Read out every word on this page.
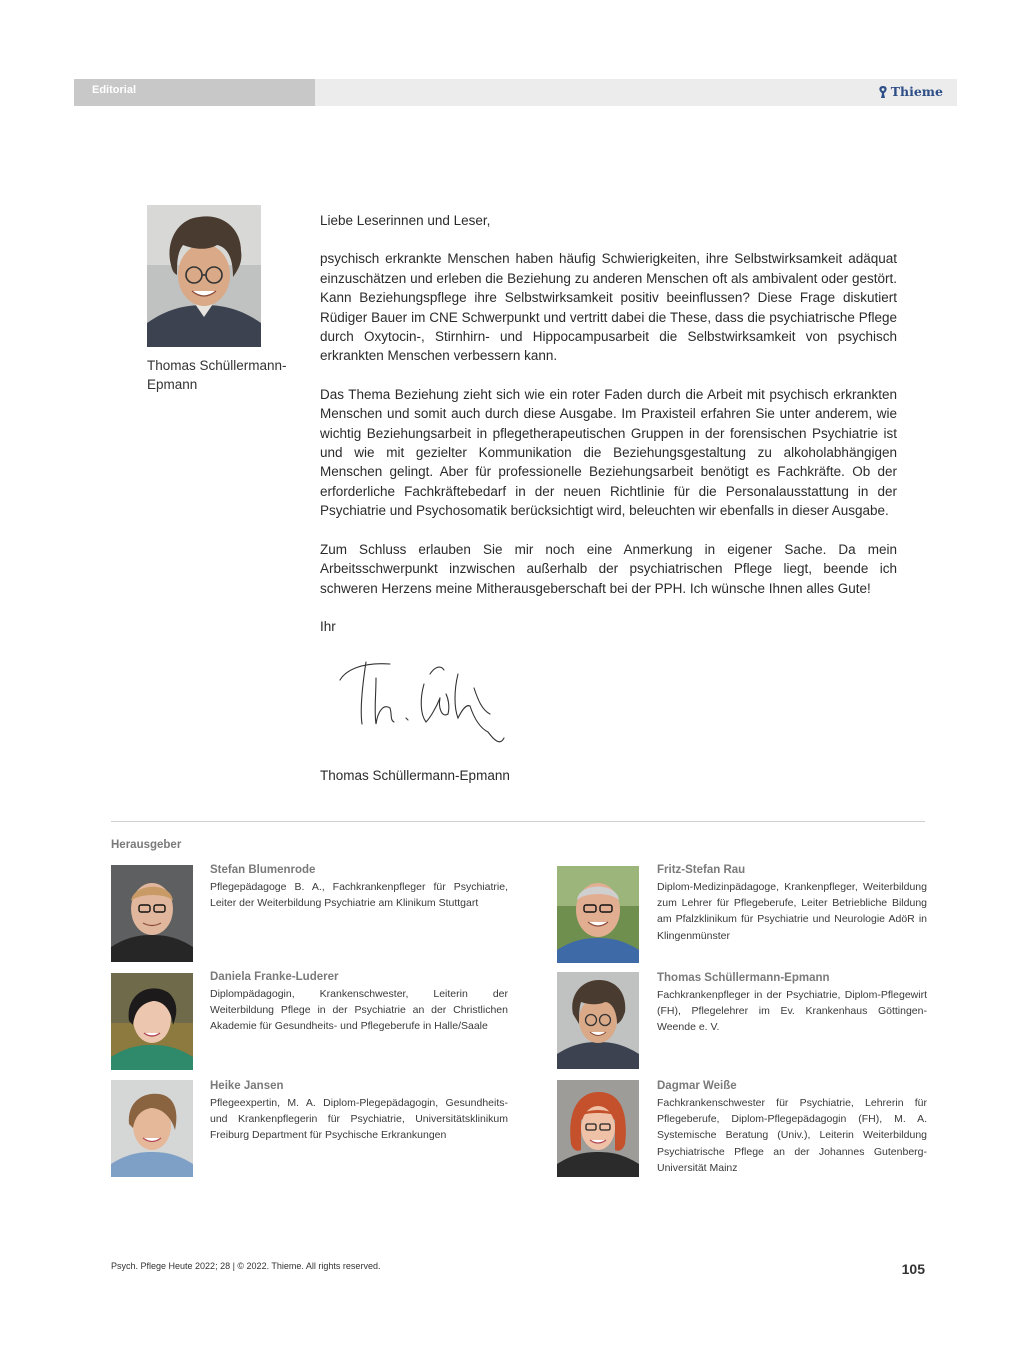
Editorial	Thieme
Thomas Schüllermann-
Epmann

Liebe Leserinnen und Leser,

psychisch erkrankte Menschen haben häufig Schwierigkeiten, ihre Selbstwirksamkeit adäquat einzuschätzen und erleben die Beziehung zu anderen Menschen oft als ambivalent oder gestört. Kann Beziehungspflege ihre Selbstwirksamkeit positiv beeinflussen? Diese Frage diskutiert Rüdiger Bauer im CNE Schwerpunkt und vertritt dabei die These, dass die psychiatrische Pflege durch Oxytocin-, Stirnhirn- und Hippocampusarbeit die Selbstwirksamkeit von psychisch erkrankten Menschen verbessern kann.

Das Thema Beziehung zieht sich wie ein roter Faden durch die Arbeit mit psychisch erkrankten Menschen und somit auch durch diese Ausgabe. Im Praxisteil erfahren Sie unter anderem, wie wichtig Beziehungsarbeit in pflegetherapeutischen Gruppen in der forensischen Psychiatrie ist und wie mit gezielter Kommunikation die Beziehungsgestaltung zu alkoholabhängigen Menschen gelingt. Aber für professionelle Beziehungsarbeit benötigt es Fachkräfte. Ob der erforderliche Fachkräftebedarf in der neuen Richtlinie für die Personalausstattung in der Psychiatrie und Psychosomatik berücksichtigt wird, beleuchten wir ebenfalls in dieser Ausgabe.

Zum Schluss erlauben Sie mir noch eine Anmerkung in eigener Sache. Da mein Arbeitsschwerpunkt inzwischen außerhalb der psychiatrischen Pflege liegt, beende ich schweren Herzens meine Mitherausgeberschaft bei der PPH. Ich wünsche Ihnen alles Gute!

Ihr

Thomas Schüllermann-Epmann
Herausgeber
Stefan Blumenrode
Pflegepädagoge B. A., Fachkrankenpfleger für Psychiatrie, Leiter der Weiterbildung Psychiatrie am Klinikum Stuttgart
Fritz-Stefan Rau
Diplom-Medizinpädagoge, Krankenpfleger, Weiterbildung zum Lehrer für Pflegeberufe, Leiter Betriebliche Bildung am Pfalzklinikum für Psychiatrie und Neurologie AdöR in Klingenmünster
Daniela Franke-Luderer
Diplompädagogin, Krankenschwester, Leiterin der Weiterbildung Pflege in der Psychiatrie an der Christlichen Akademie für Gesundheits- und Pflegeberufe in Halle/Saale
Thomas Schüllermann-Epmann
Fachkrankenpfleger in der Psychiatrie, Diplom-Pflegewirt (FH), Pflegelehrer im Ev. Krankenhaus Göttingen-Weende e. V.
Heike Jansen
Pflegeexpertin, M. A. Diplom-Plegepädagogin, Gesundheits- und Krankenpflegerin für Psychiatrie, Universitätsklinikum Freiburg Department für Psychische Erkrankungen
Dagmar Weiße
Fachkrankenschwester für Psychiatrie, Lehrerin für Pflegeberufe, Diplom-Pflegepädagogin (FH), M. A. Systemische Beratung (Univ.), Leiterin Weiterbildung Psychiatrische Pflege an der Johannes Gutenberg-Universität Mainz
Psych. Pflege Heute 2022; 28 | © 2022. Thieme. All rights reserved.	105
